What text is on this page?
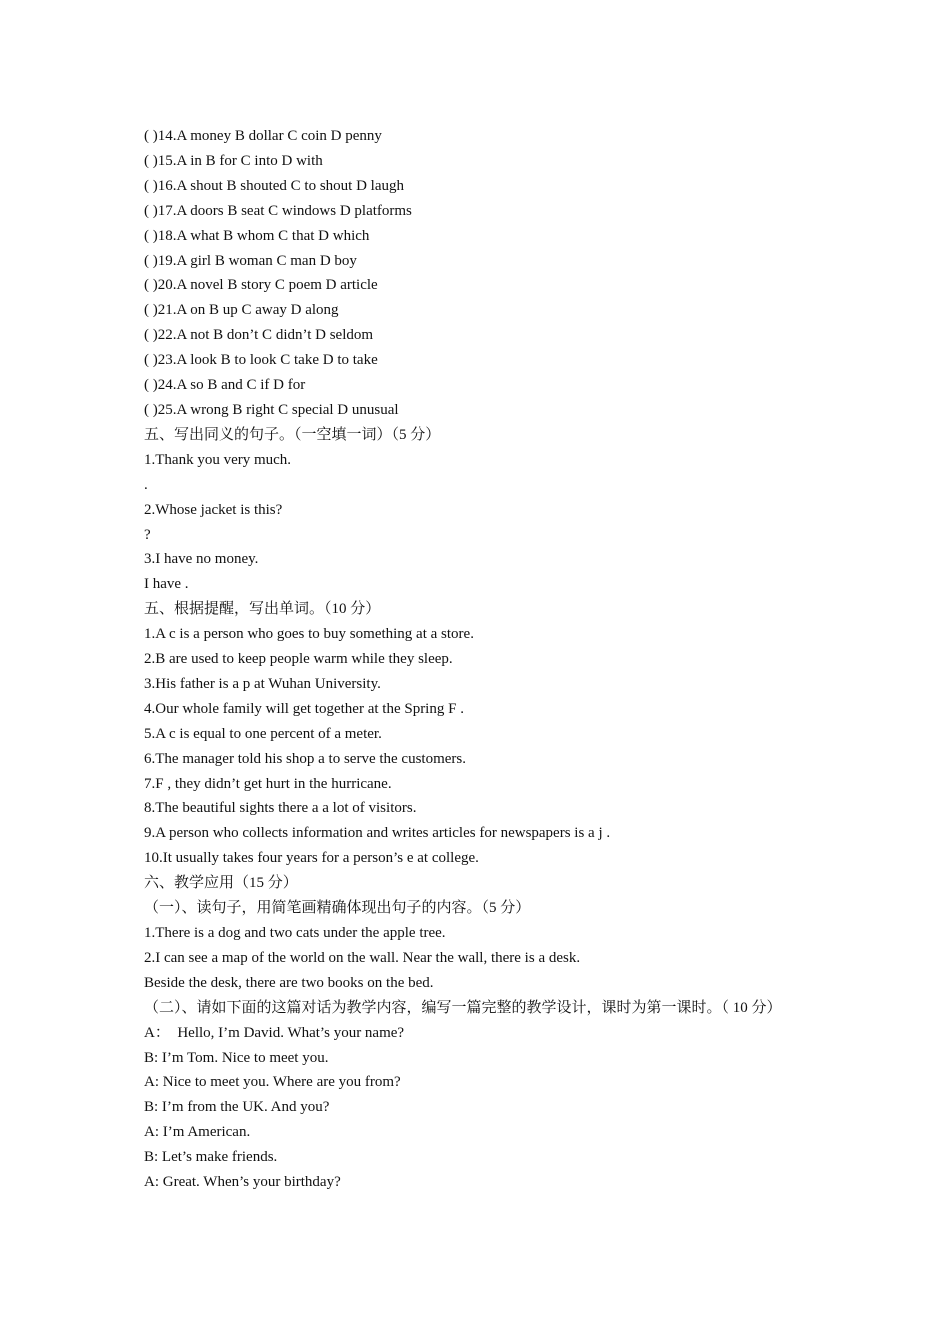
( )14.A money B dollar C coin D penny
( )15.A in B for C into D with
( )16.A shout B shouted C to shout D laugh
( )17.A doors B seat C windows D platforms
( )18.A what B whom C that D which
( )19.A girl B woman C man D boy
( )20.A novel B story C poem D article
( )21.A on B up C away D along
( )22.A not B don’t C didn’t D seldom
( )23.A look B to look C take D to take
( )24.A so B and C if D for
( )25.A wrong B right C special D unusual
五、写出同义的句子。（一空填一词）（5 分）
1.Thank you very much.
.
2.Whose jacket is this?
?
3.I have no money.
I have .
五、根据提醒，写出单词。（10 分）
1.A c is a person who goes to buy something at a store.
2.B are used to keep people warm while they sleep.
3.His father is a p at Wuhan University.
4.Our whole family will get together at the Spring F .
5.A c is equal to one percent of a meter.
6.The manager told his shop a to serve the customers.
7.F , they didn’t get hurt in the hurricane.
8.The beautiful sights there a a lot of visitors.
9.A person who collects information and writes articles for newspapers is a j .
10.It usually takes four years for a person’s e at college.
六、教学应用（15 分）
（一）、读句子，用简笔画精确体现出句子的内容。（5 分）
1.There is a dog and two cats under the apple tree.
2.I can see a map of the world on the wall. Near the wall, there is a desk.
Beside the desk, there are two books on the bed.
（二）、请如下面的这篇对话为教学内容，编写一篇完整的教学设计，课时为第一课时。（ 10 分）
A：  Hello, I’m David. What’s your name?
B: I’m Tom. Nice to meet you.
A: Nice to meet you. Where are you from?
B: I’m from the UK. And you?
A: I’m American.
B: Let’s make friends.
A: Great. When’s your birthday?
